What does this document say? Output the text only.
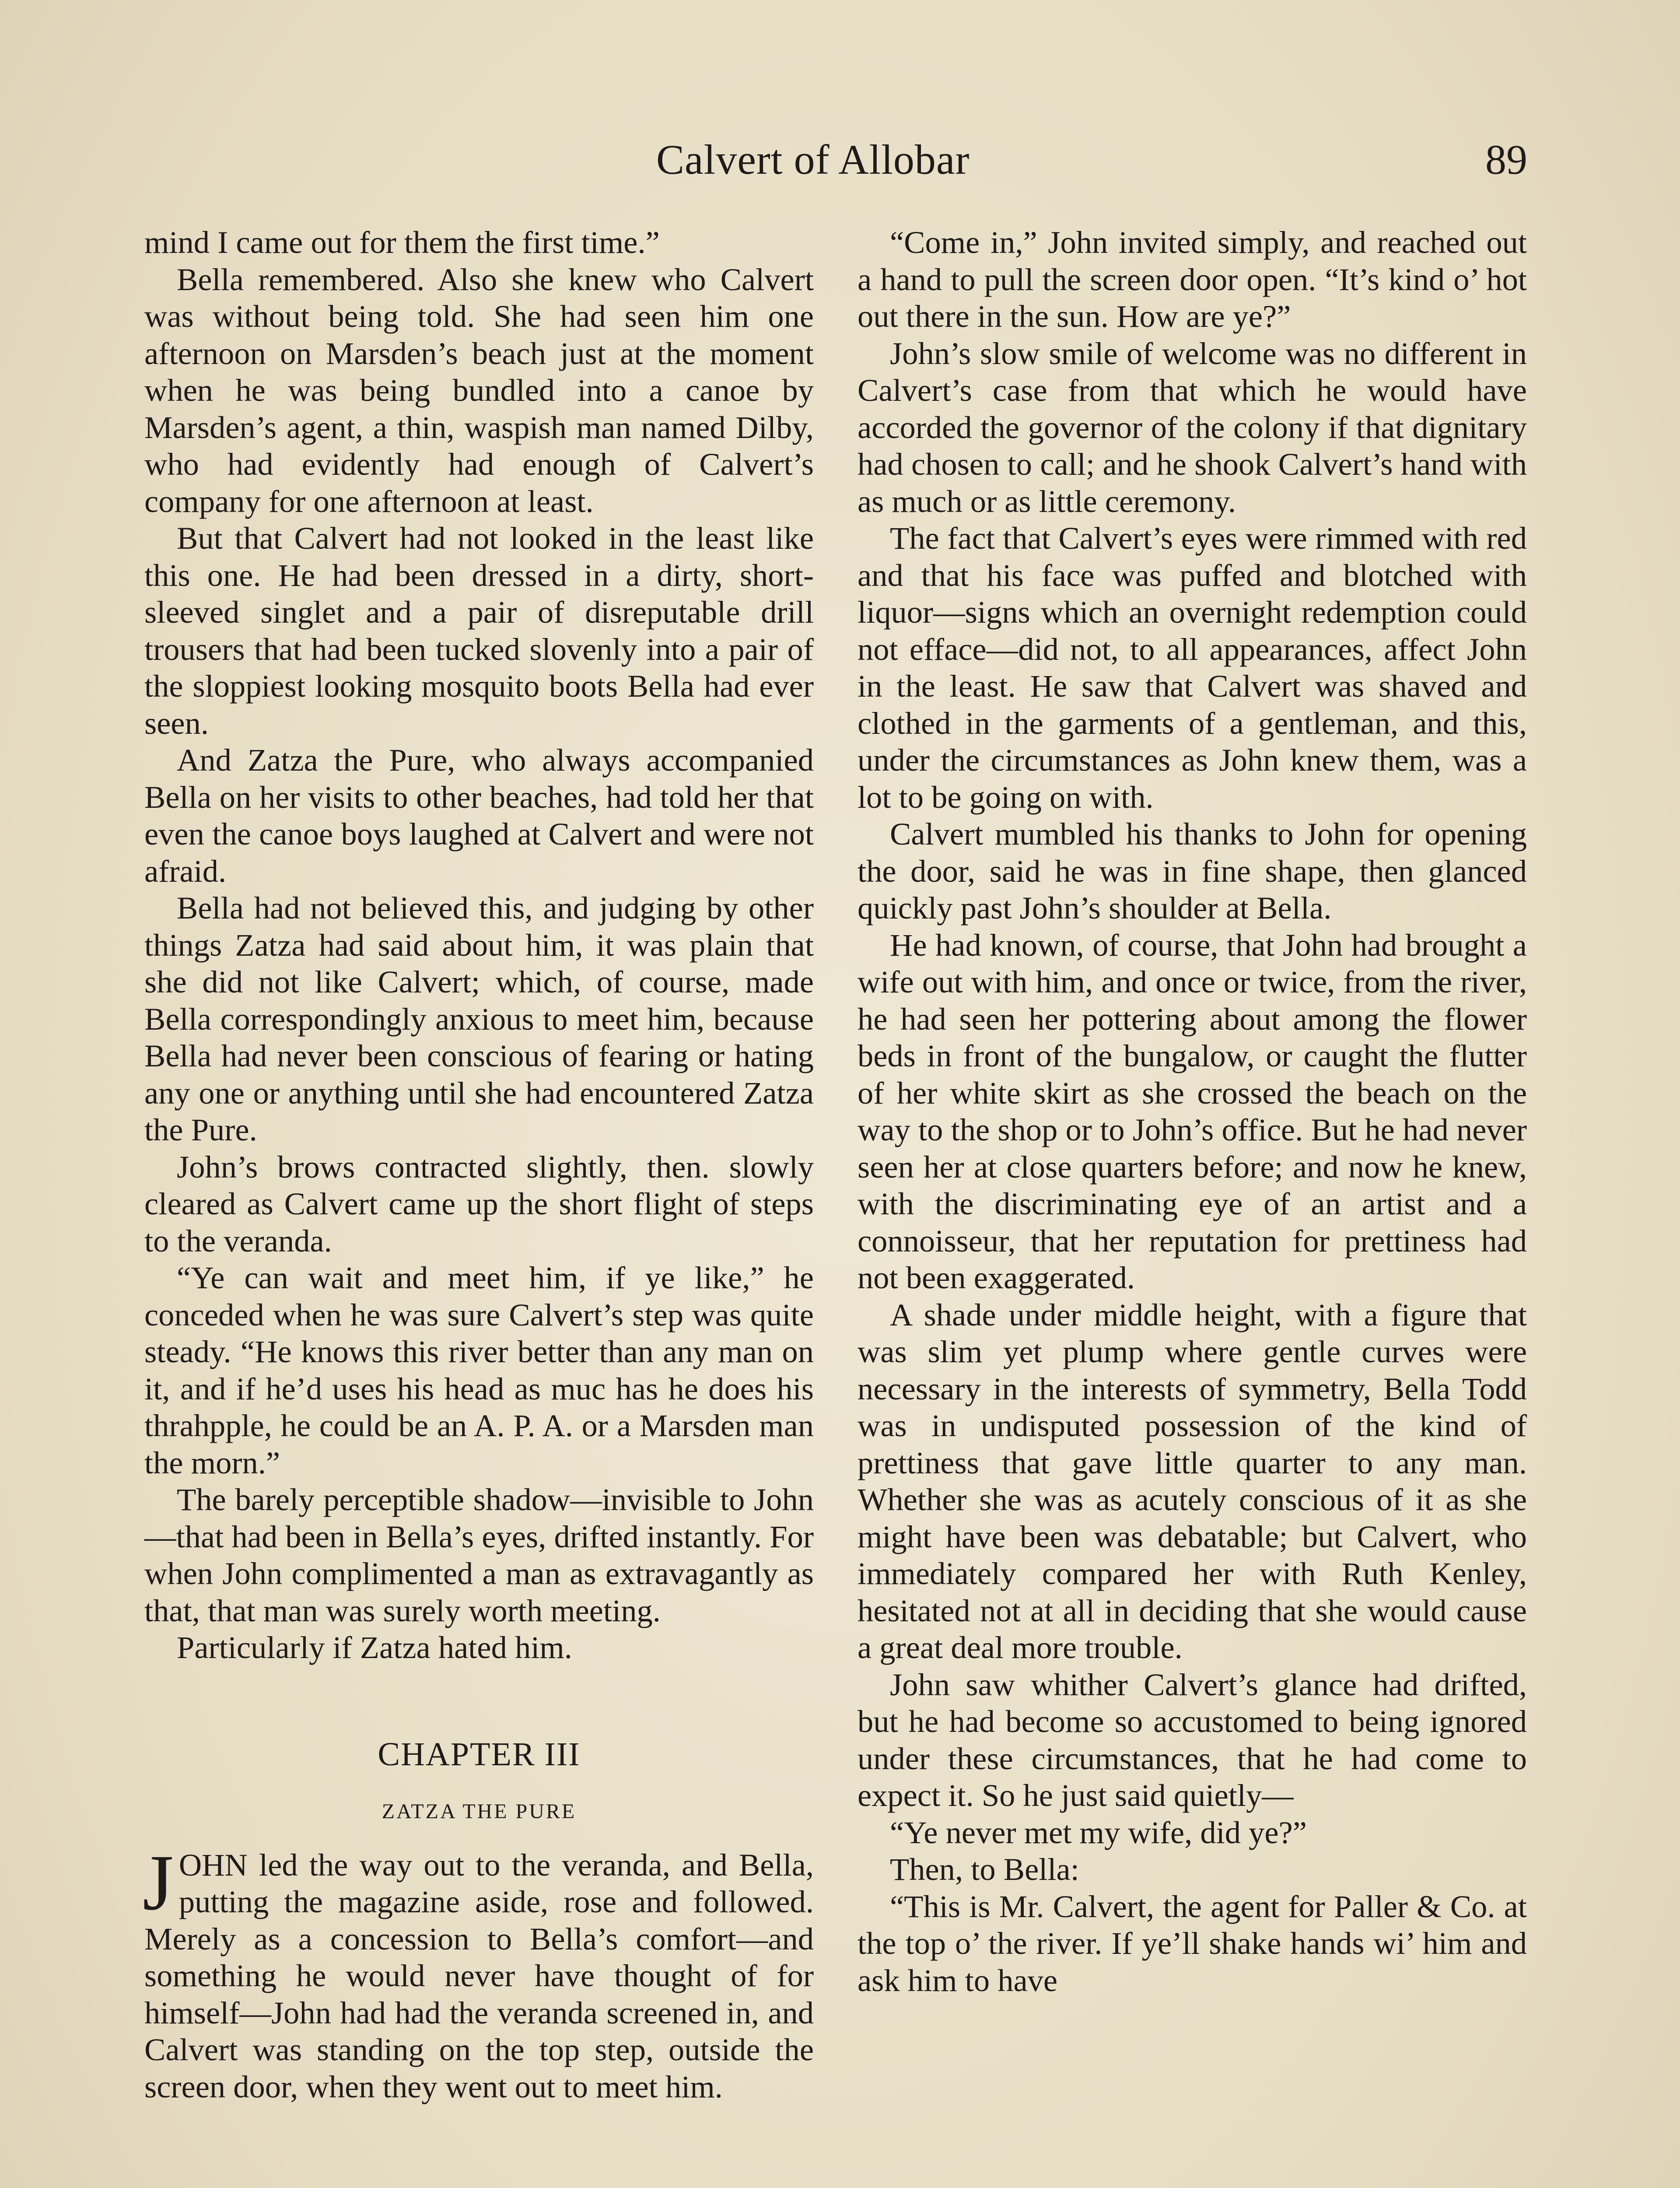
Calvert of Allobar	89

mind I came out for them the first time.”

Bella remembered. Also she knew who Calvert was without being told. She had seen him one afternoon on Marsden’s beach just at the moment when he was being bundled into a canoe by Marsden’s agent, a thin, waspish man named Dilby, who had evidently had enough of Calvert’s company for one afternoon at least.

But that Calvert had not looked in the least like this one. He had been dressed in a dirty, short-sleeved singlet and a pair of disreputable drill trousers that had been tucked slovenly into a pair of the sloppiest looking mosquito boots Bella had ever seen.

And Zatza the Pure, who always accompanied Bella on her visits to other beaches, had told her that even the canoe boys laughed at Calvert and were not afraid.

Bella had not believed this, and judging by other things Zatza had said about him, it was plain that she did not like Calvert; which, of course, made Bella correspondingly anxious to meet him, because Bella had never been conscious of fearing or hating any one or anything until she had encountered Zatza the Pure.

John’s brows contracted slightly, then. slowly cleared as Calvert came up the short flight of steps to the veranda.

“Ye can wait and meet him, if ye like,” he conceded when he was sure Calvert’s step was quite steady. “He knows this river better than any man on it, and if he’d uses his head as muc has he does his thrahpple, he could be an A. P. A. or a Marsden man the morn.”

The barely perceptible shadow—invisible to John—that had been in Bella’s eyes, drifted instantly. For when John complimented a man as extravagantly as that, that man was surely worth meeting.

Particularly if Zatza hated him.

CHAPTER III
ZATZA THE PURE

JOHN led the way out to the veranda, and Bella, putting the magazine aside, rose and followed. Merely as a concession to Bella’s comfort—and something he would never have thought of for himself—John had had the veranda screened in, and Calvert was standing on the top step, outside the screen door, when they went out to meet him.

“Come in,” John invited simply, and reached out a hand to pull the screen door open. “It’s kind o’ hot out there in the sun. How are ye?”

John’s slow smile of welcome was no different in Calvert’s case from that which he would have accorded the governor of the colony if that dignitary had chosen to call; and he shook Calvert’s hand with as much or as little ceremony.

The fact that Calvert’s eyes were rimmed with red and that his face was puffed and blotched with liquor—signs which an overnight redemption could not efface—did not, to all appearances, affect John in the least. He saw that Calvert was shaved and clothed in the garments of a gentleman, and this, under the circumstances as John knew them, was a lot to be going on with.

Calvert mumbled his thanks to John for opening the door, said he was in fine shape, then glanced quickly past John’s shoulder at Bella.

He had known, of course, that John had brought a wife out with him, and once or twice, from the river, he had seen her pottering about among the flower beds in front of the bungalow, or caught the flutter of her white skirt as she crossed the beach on the way to the shop or to John’s office. But he had never seen her at close quarters before; and now he knew, with the discriminating eye of an artist and a connoisseur, that her reputation for prettiness had not been exaggerated.

A shade under middle height, with a figure that was slim yet plump where gentle curves were necessary in the interests of symmetry, Bella Todd was in undisputed possession of the kind of prettiness that gave little quarter to any man. Whether she was as acutely conscious of it as she might have been was debatable; but Calvert, who immediately compared her with Ruth Kenley, hesitated not at all in deciding that she would cause a great deal more trouble.

John saw whither Calvert’s glance had drifted, but he had become so accustomed to being ignored under these circumstances, that he had come to expect it. So he just said quietly—

“Ye never met my wife, did ye?”

Then, to Bella:

“This is Mr. Calvert, the agent for Paller & Co. at the top o’ the river. If ye’ll shake hands wi’ him and ask him to have
